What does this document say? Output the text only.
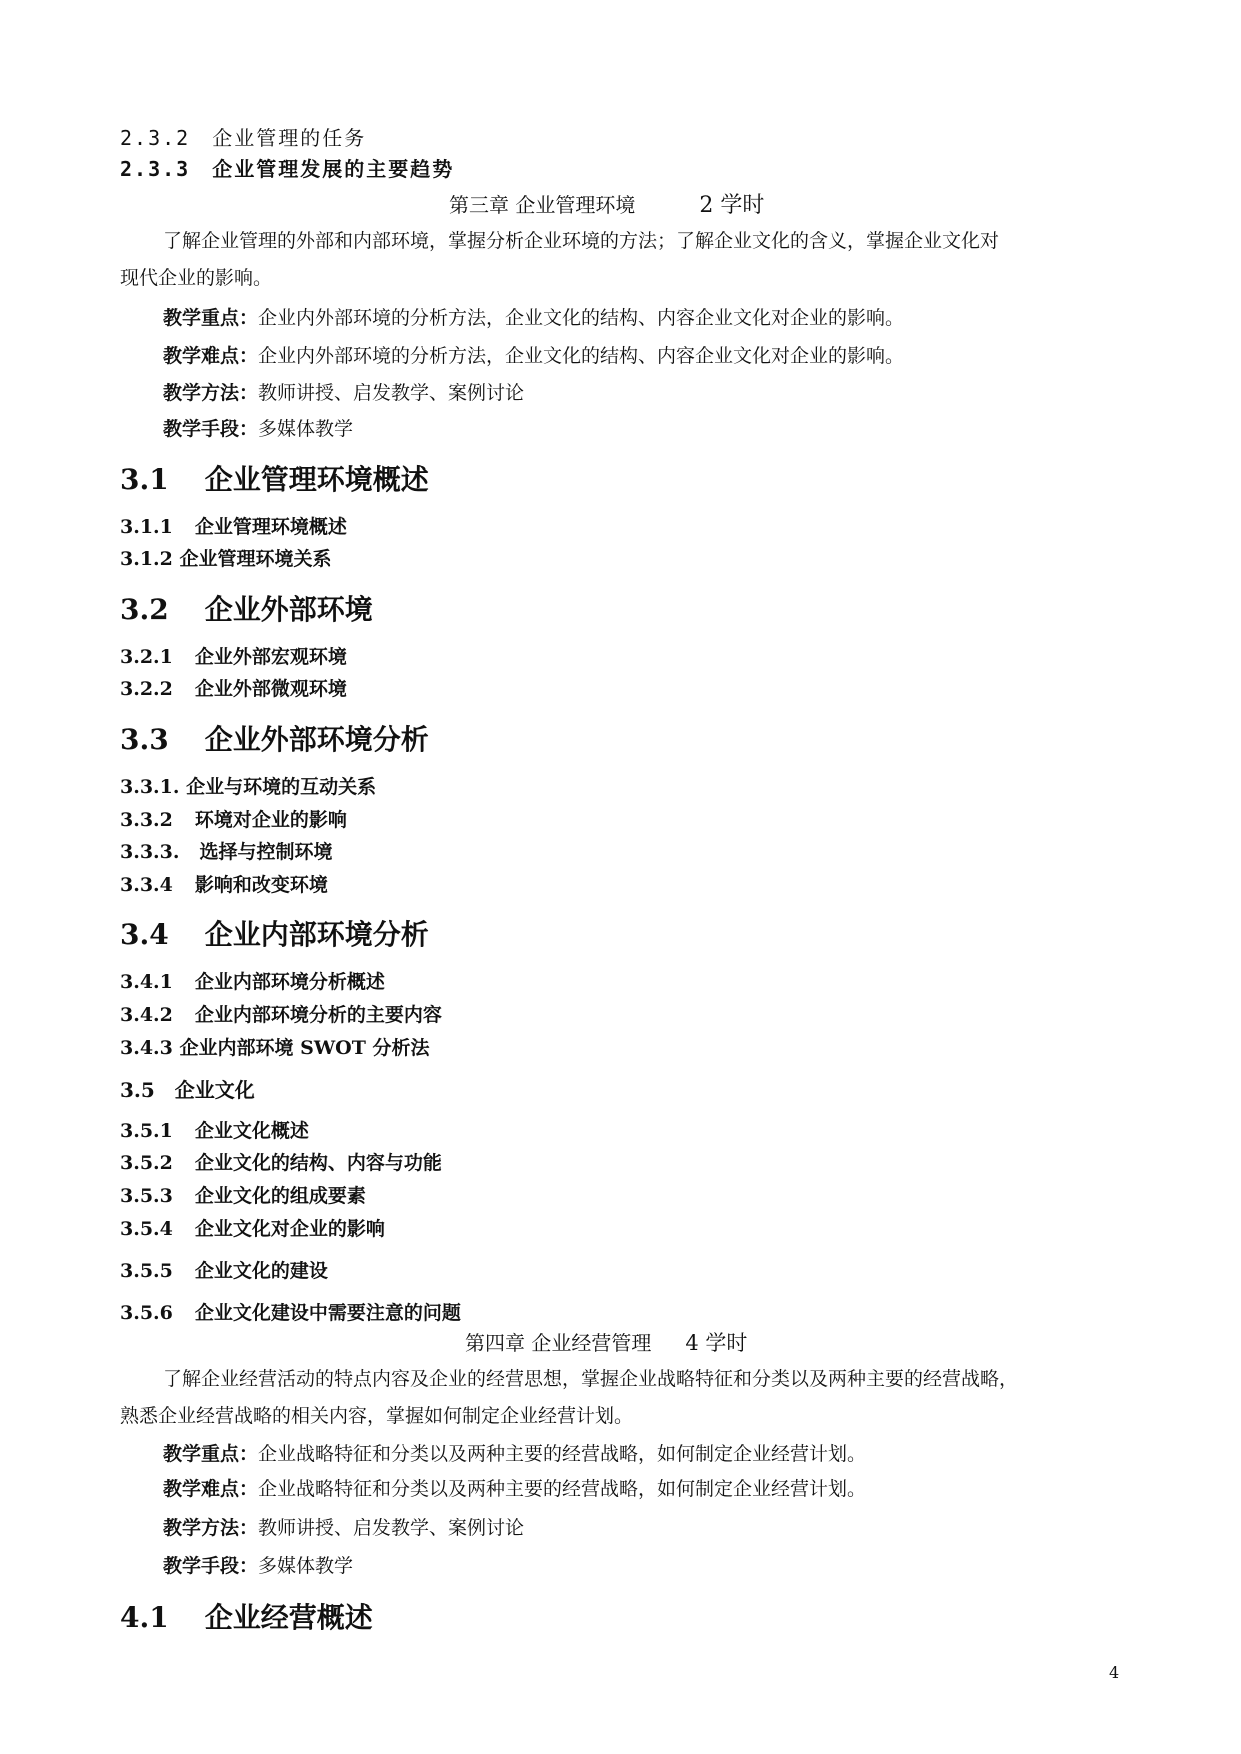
2.3.2 企业管理的任务
2.3.3 企业管理发展的主要趋势
第三章 企业管理环境	2 学时
了解企业管理的外部和内部环境，掌握分析企业环境的方法；了解企业文化的含义，掌握企业文化对
现代企业的影响。
教学重点：企业内外部环境的分析方法，企业文化的结构、内容企业文化对企业的影响。
教学难点：企业内外部环境的分析方法，企业文化的结构、内容企业文化对企业的影响。
教学方法：教师讲授、启发教学、案例讨论
教学手段：多媒体教学
3.1 企业管理环境概述
3.1.1 企业管理环境概述
3.1.2 企业管理环境关系
3.2 企业外部环境
3.2.1 企业外部宏观环境
3.2.2 企业外部微观环境
3.3 企业外部环境分析
3.3.1. 企业与环境的互动关系
3.3.2 环境对企业的影响
3.3.3. 选择与控制环境
3.3.4 影响和改变环境
3.4 企业内部环境分析
3.4.1 企业内部环境分析概述
3.4.2 企业内部环境分析的主要内容
3.4.3 企业内部环境 SWOT 分析法
3.5 企业文化
3.5.1 企业文化概述
3.5.2 企业文化的结构、内容与功能
3.5.3 企业文化的组成要素
3.5.4 企业文化对企业的影响
3.5.5 企业文化的建设
3.5.6 企业文化建设中需要注意的问题
第四章 企业经营管理 4 学时
了解企业经营活动的特点内容及企业的经营思想，掌握企业战略特征和分类以及两种主要的经营战略，
熟悉企业经营战略的相关内容，掌握如何制定企业经营计划。
教学重点：企业战略特征和分类以及两种主要的经营战略，如何制定企业经营计划。
教学难点：企业战略特征和分类以及两种主要的经营战略，如何制定企业经营计划。
教学方法：教师讲授、启发教学、案例讨论
教学手段：多媒体教学
4.1 企业经营概述
4
